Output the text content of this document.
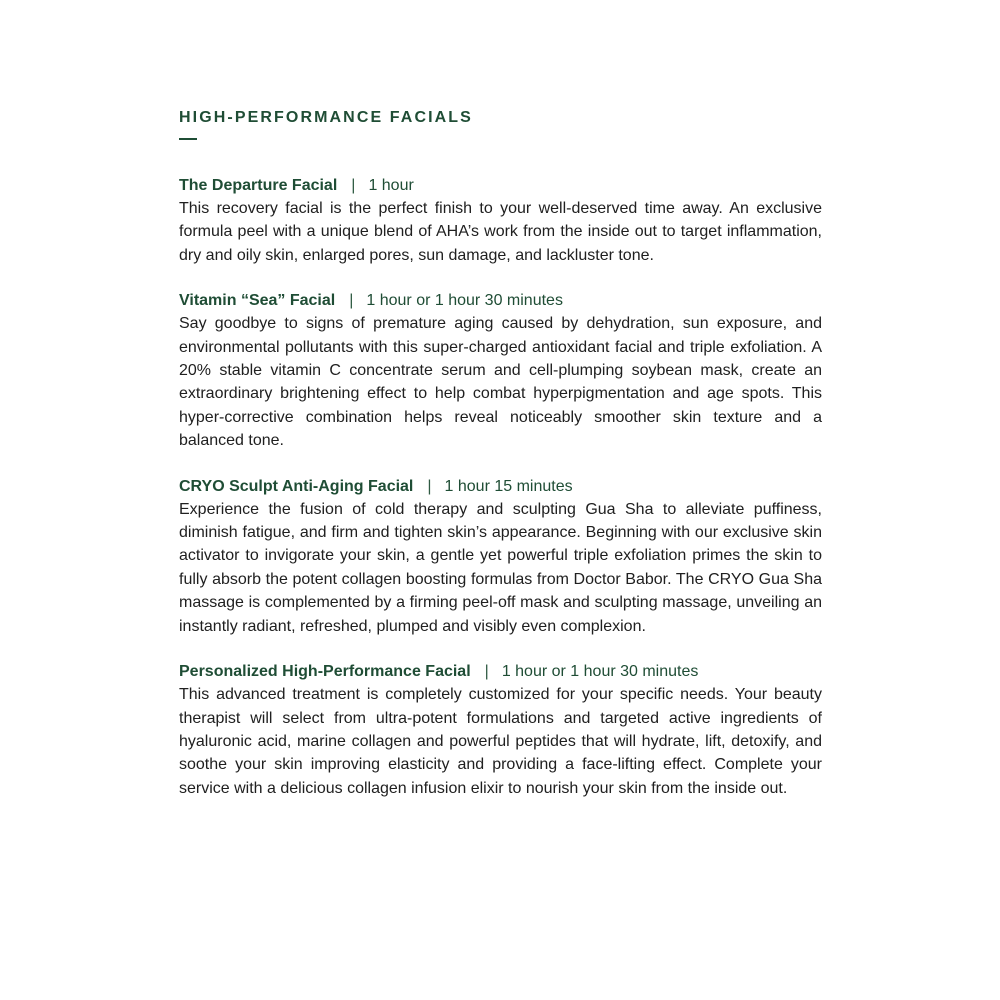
HIGH-PERFORMANCE FACIALS
The Departure Facial | 1 hour

This recovery facial is the perfect finish to your well-deserved time away. An exclusive formula peel with a unique blend of AHA’s work from the inside out to target inflammation, dry and oily skin, enlarged pores, sun damage, and lackluster tone.

Vitamin “Sea” Facial | 1 hour or 1 hour 30 minutes

Say goodbye to signs of premature aging caused by dehydration, sun exposure, and environmental pollutants with this super-charged antioxidant facial and triple exfoliation. A 20% stable vitamin C concentrate serum and cell-plumping soybean mask, create an extraordinary brightening effect to help combat hyperpigmentation and age spots. This hyper-corrective combination helps reveal noticeably smoother skin texture and a balanced tone.

CRYO Sculpt Anti-Aging Facial | 1 hour 15 minutes

Experience the fusion of cold therapy and sculpting Gua Sha to alleviate puffiness, diminish fatigue, and firm and tighten skin’s appearance. Beginning with our exclusive skin activator to invigorate your skin, a gentle yet powerful triple exfoliation primes the skin to fully absorb the potent collagen boosting formulas from Doctor Babor. The CRYO Gua Sha massage is complemented by a firming peel-off mask and sculpting massage, unveiling an instantly radiant, refreshed, plumped and visibly even complexion.

Personalized High-Performance Facial | 1 hour or 1 hour 30 minutes

This advanced treatment is completely customized for your specific needs. Your beauty therapist will select from ultra-potent formulations and targeted active ingredients of hyaluronic acid, marine collagen and powerful peptides that will hydrate, lift, detoxify, and soothe your skin improving elasticity and providing a face-lifting effect. Complete your service with a delicious collagen infusion elixir to nourish your skin from the inside out.
